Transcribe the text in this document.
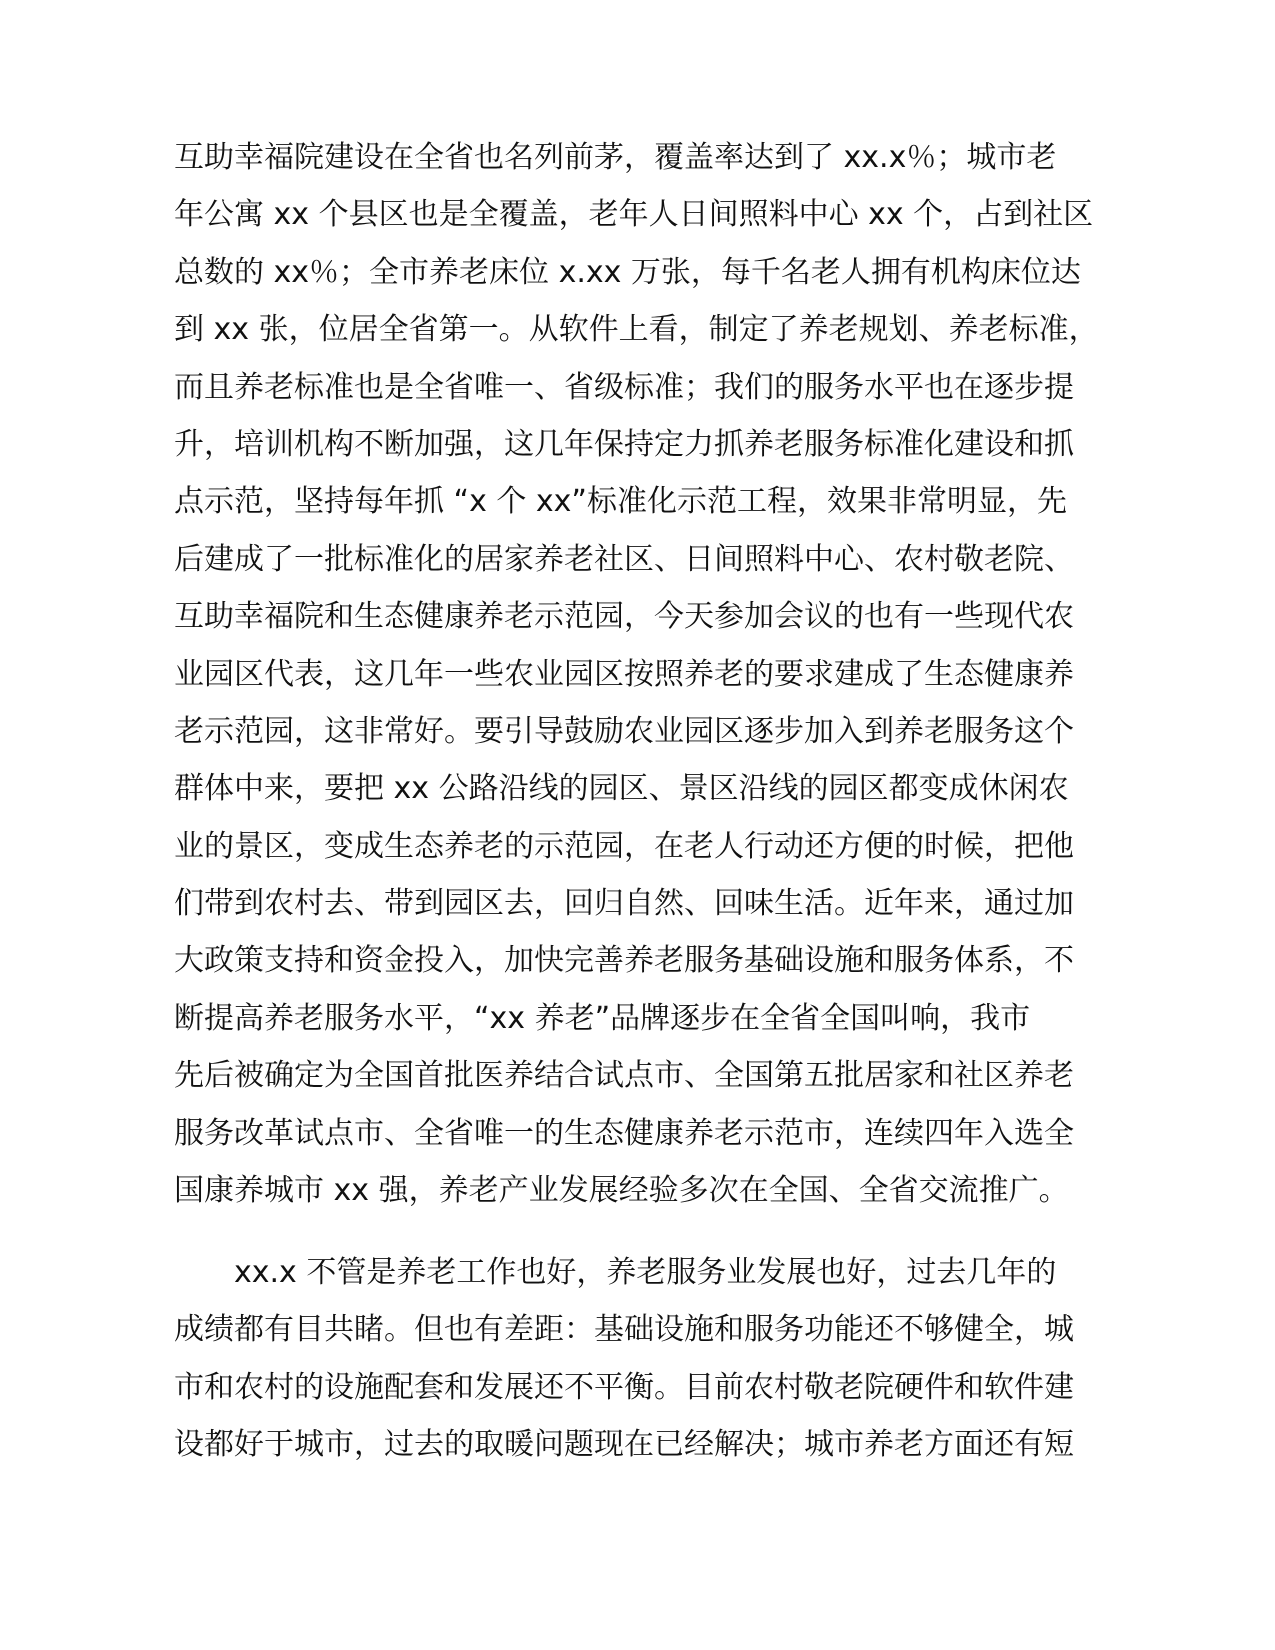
互助幸福院建设在全省也名列前茅，覆盖率达到了 xx.x％；城市老
年公寓 xx 个县区也是全覆盖，老年人日间照料中心 xx 个，占到社区
总数的 xx％；全市养老床位 x.xx 万张，每千名老人拥有机构床位达
到 xx 张，位居全省第一。从软件上看，制定了养老规划、养老标准，
而且养老标准也是全省唯一、省级标准；我们的服务水平也在逐步提
升，培训机构不断加强，这几年保持定力抓养老服务标准化建设和抓
点示范，坚持每年抓 “x 个 xx”标准化示范工程，效果非常明显，先
后建成了一批标准化的居家养老社区、日间照料中心、农村敬老院、
互助幸福院和生态健康养老示范园，今天参加会议的也有一些现代农
业园区代表，这几年一些农业园区按照养老的要求建成了生态健康养
老示范园，这非常好。要引导鼓励农业园区逐步加入到养老服务这个
群体中来，要把 xx 公路沿线的园区、景区沿线的园区都变成休闲农
业的景区，变成生态养老的示范园，在老人行动还方便的时候，把他
们带到农村去、带到园区去，回归自然、回味生活。近年来，通过加
大政策支持和资金投入，加快完善养老服务基础设施和服务体系，不
断提高养老服务水平，“xx 养老”品牌逐步在全省全国叫响，我市
先后被确定为全国首批医养结合试点市、全国第五批居家和社区养老
服务改革试点市、全省唯一的生态健康养老示范市，连续四年入选全
国康养城市 xx 强，养老产业发展经验多次在全国、全省交流推广。
xx.x 不管是养老工作也好，养老服务业发展也好，过去几年的
成绩都有目共睹。但也有差距：基础设施和服务功能还不够健全，城
市和农村的设施配套和发展还不平衡。目前农村敬老院硬件和软件建
设都好于城市，过去的取暖问题现在已经解决；城市养老方面还有短
